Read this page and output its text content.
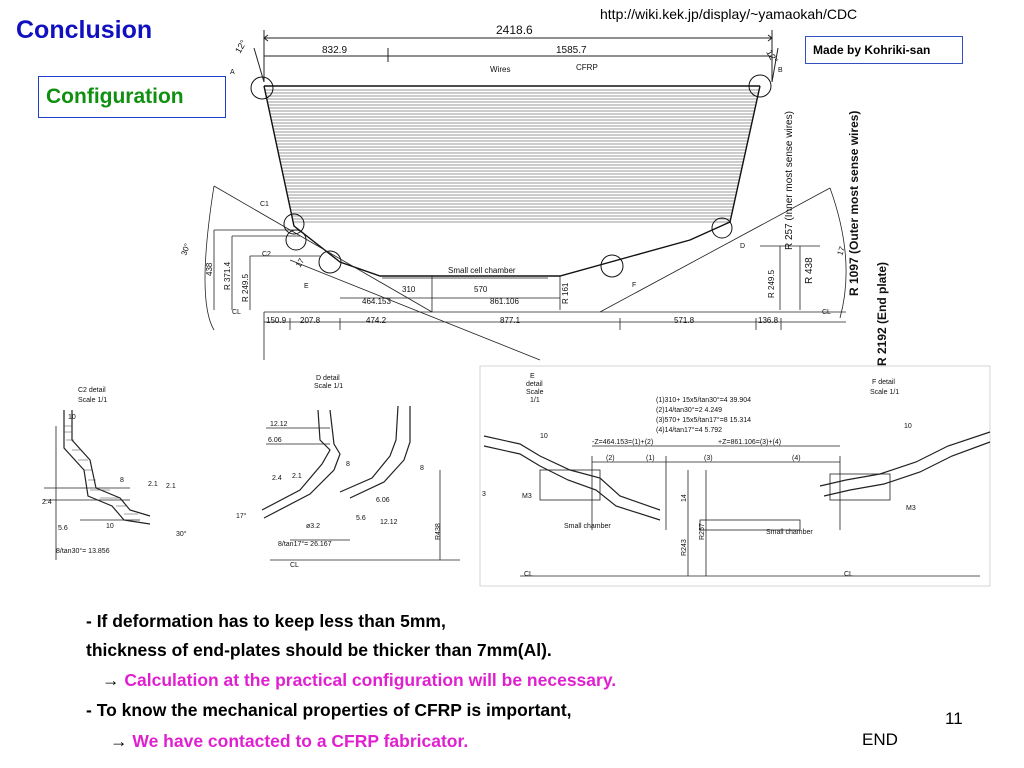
Conclusion
http://wiki.kek.jp/display/~yamaokah/CDC
Configuration
2418.6
832.9	1585.7
12°
12°
Wires	CFRP
A	B
C1
C2
D
E	F
30°
17
17
438 R 371.4 R 249.5	R 249.5	R 438
R 161
R 257 (Inner most sense wires)	R 1097 (Outer most sense wires)
R 2192 (End plate)
Small cell chamber
310	570
464.153	861.106
150.9 207.8	474.2	877.1	571.8	136.8
CL	CL
C2 detail
Scale 1/1
10
8
2.1 2.1
2.4
5.6	10
30°
8/tan30°= 13.856
D detail
Scale 1/1
12.12
6.06
2.4 2.1
8
8
6.06
12.12
5.6
17°
ø3.2
8/tan17°= 26.167
R438
CL
E
detail
Scale
1/1
F detail
Scale 1/1
(1)310+ 15x5/tan30°=4 39.904
(2)14/tan30°=2 4.249
(3)570+ 15x5/tan17°=8 15.314
(4)14/tan17°=4 5.792
-Z=464.153=(1)+(2)	+Z=861.106=(3)+(4)
(2)	(1)	(3)	(4)
10
10
3	M3
M3
14
R243
R257
Small chamber
Small chamber
CL	CL
Made by Kohriki-san
- If deformation has to keep less than 5mm,
thickness of end-plates should be thicker than 7mm(Al).
→ Calculation at the practical configuration will be necessary.
- To know the mechanical properties of CFRP is important,
→ We have contacted to a CFRP fabricator.
11
END
